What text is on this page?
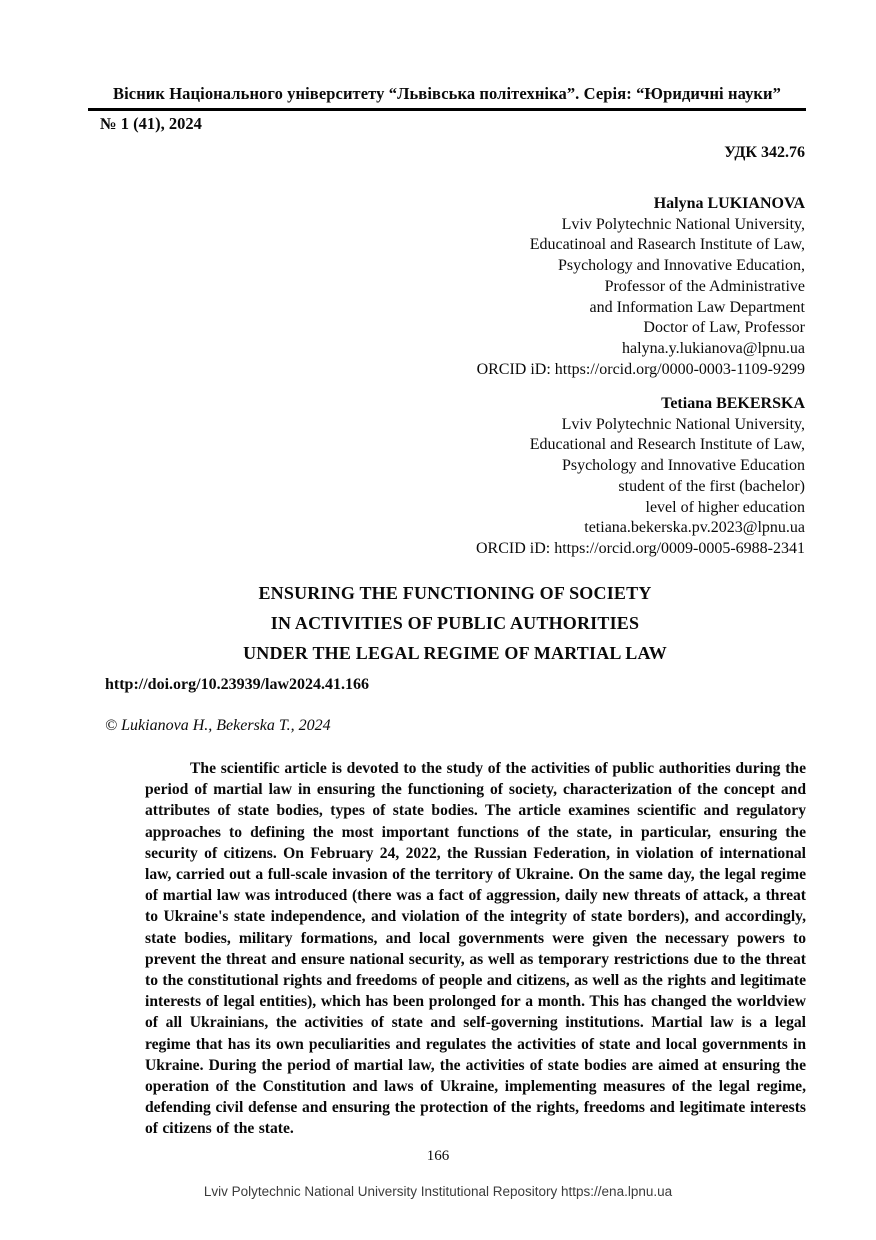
Вісник Національного університету “Львівська політехніка”. Серія: “Юридичні науки”
№ 1 (41), 2024
УДК 342.76
Halyna LUKIANOVA
Lviv Polytechnic National University,
Educatinoal and Rasearch Institute of Law,
Psychology and Innovative Education,
Professor of the Administrative
and Information Law Department
Doctor of Law, Professor
halyna.y.lukianova@lpnu.ua
ORCID iD: https://orcid.org/0000-0003-1109-9299
Tetiana BEKERSKA
Lviv Polytechnic National University,
Educational and Research Institute of Law,
Psychology and Innovative Education
student of the first (bachelor)
level of higher education
tetiana.bekerska.pv.2023@lpnu.ua
ORCID iD: https://orcid.org/0009-0005-6988-2341
ENSURING THE FUNCTIONING OF SOCIETY
IN ACTIVITIES OF PUBLIC AUTHORITIES
UNDER THE LEGAL REGIME OF MARTIAL LAW
http://doi.org/10.23939/law2024.41.166
© Lukianova H., Bekerska T., 2024
The scientific article is devoted to the study of the activities of public authorities during the period of martial law in ensuring the functioning of society, characterization of the concept and attributes of state bodies, types of state bodies. The article examines scientific and regulatory approaches to defining the most important functions of the state, in particular, ensuring the security of citizens. On February 24, 2022, the Russian Federation, in violation of international law, carried out a full-scale invasion of the territory of Ukraine. On the same day, the legal regime of martial law was introduced (there was a fact of aggression, daily new threats of attack, a threat to Ukraine's state independence, and violation of the integrity of state borders), and accordingly, state bodies, military formations, and local governments were given the necessary powers to prevent the threat and ensure national security, as well as temporary restrictions due to the threat to the constitutional rights and freedoms of people and citizens, as well as the rights and legitimate interests of legal entities), which has been prolonged for a month. This has changed the worldview of all Ukrainians, the activities of state and self-governing institutions. Martial law is a legal regime that has its own peculiarities and regulates the activities of state and local governments in Ukraine. During the period of martial law, the activities of state bodies are aimed at ensuring the operation of the Constitution and laws of Ukraine, implementing measures of the legal regime, defending civil defense and ensuring the protection of the rights, freedoms and legitimate interests of citizens of the state.
166
Lviv Polytechnic National University Institutional Repository https://ena.lpnu.ua
